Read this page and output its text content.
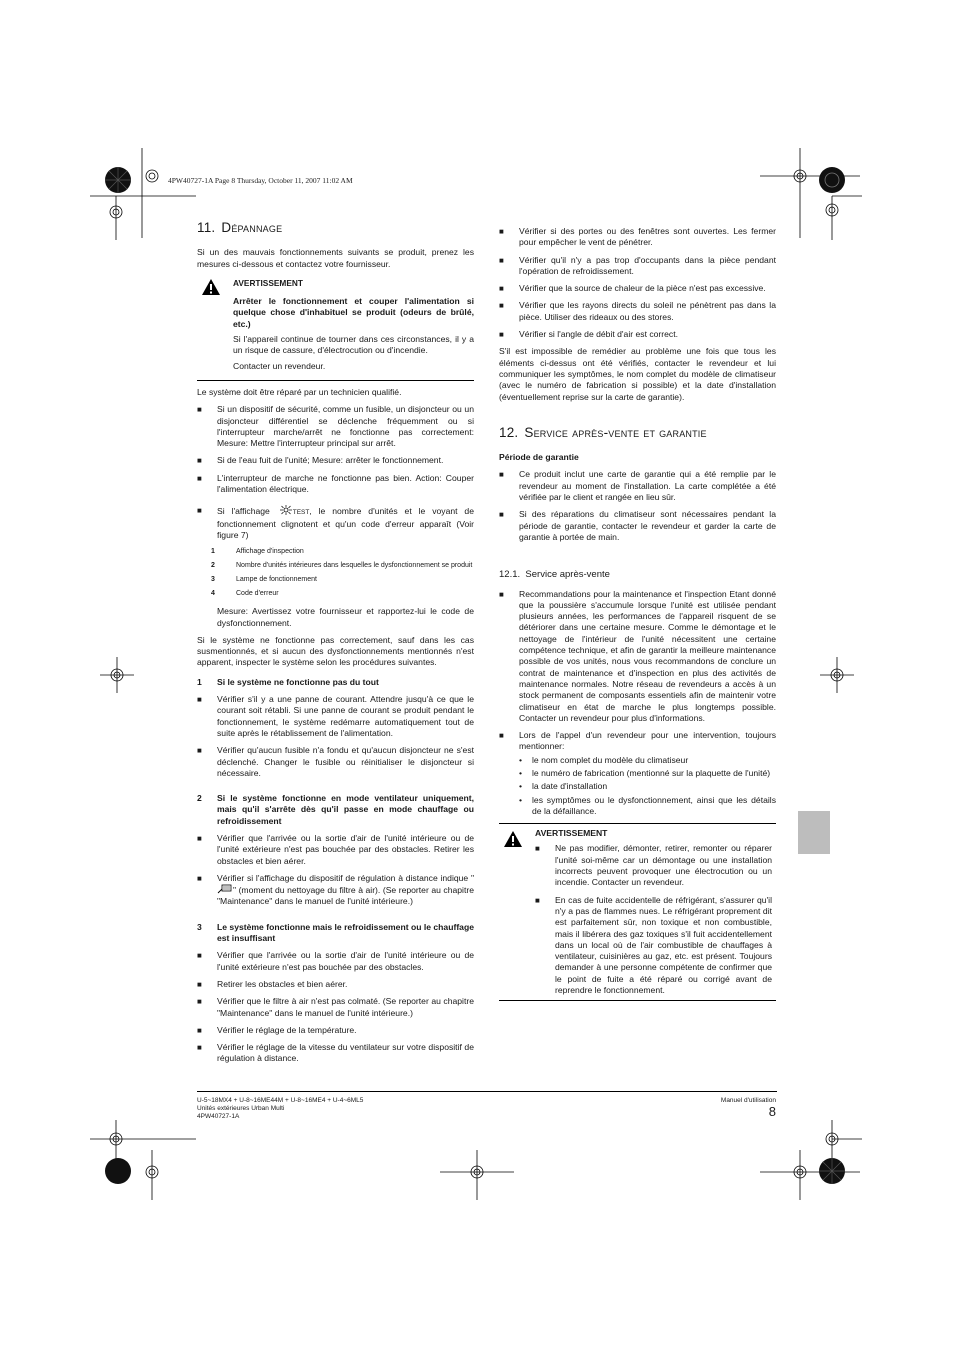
4PW40727-1A Page 8 Thursday, October 11, 2007 11:02 AM
11. Dépannage

Si un des mauvais fonctionnements suivants se produit, prenez les mesures ci-dessous et contactez votre fournisseur.

AVERTISSEMENT
Arrêter le fonctionnement et couper l'alimentation si quelque chose d'inhabituel se produit (odeurs de brûlé, etc.)
Si l'appareil continue de tourner dans ces circonstances, il y a un risque de cassure, d'électrocution ou d'incendie.
Contacter un revendeur.

Le système doit être réparé par un technicien qualifié.

■	Si un dispositif de sécurité, comme un fusible, un disjoncteur ou un disjoncteur différentiel se déclenche fréquemment ou si l'interrupteur marche/arrêt ne fonctionne pas correctement: Mesure: Mettre l'interrupteur principal sur arrêt.
■	Si de l'eau fuit de l'unité; Mesure: arrêter le fonctionnement.
■	L'interrupteur de marche ne fonctionne pas bien. Action: Couper l'alimentation électrique.
■	Si l'affichage	TEST, le nombre d'unités et le voyant de fonctionnement clignotent et qu'un code d'erreur apparaît (Voir figure 7)
1	Affichage d'inspection
2	Nombre d'unités intérieures dans lesquelles le dysfonctionnement se produit
3	Lampe de fonctionnement
4	Code d'erreur

Mesure: Avertissez votre fournisseur et rapportez-lui le code de dysfonctionnement.

Si le système ne fonctionne pas correctement, sauf dans les cas susmentionnés, et si aucun des dysfonctionnements mentionnés n'est apparent, inspecter le système selon les procédures suivantes.

1	Si le système ne fonctionne pas du tout
■	Vérifier s'il y a une panne de courant. Attendre jusqu'à ce que le courant soit rétabli. Si une panne de courant se produit pendant le fonctionnement, le système redémarre automatiquement tout de suite après le rétablissement de l'alimentation.
■	Vérifier qu'aucun fusible n'a fondu et qu'aucun disjoncteur ne s'est déclenché. Changer le fusible ou réinitialiser le disjoncteur si nécessaire.
2	Si le système fonctionne en mode ventilateur uniquement, mais qu'il s'arrête dès qu'il passe en mode chauffage ou refroidissement
■	Vérifier que l'arrivée ou la sortie d'air de l'unité intérieure ou de l'unité extérieure n'est pas bouchée par des obstacles. Retirer les obstacles et bien aérer.
■	Vérifier si l'affichage du dispositif de régulation à distance indique "" (moment du nettoyage du filtre à air). (Se reporter au chapitre "Maintenance" dans le manuel de l'unité intérieure.)
3	Le système fonctionne mais le refroidissement ou le chauffage est insuffisant
■	Vérifier que l'arrivée ou la sortie d'air de l'unité intérieure ou de l'unité extérieure n'est pas bouchée par des obstacles.
■	Retirer les obstacles et bien aérer.
■	Vérifier que le filtre à air n'est pas colmaté. (Se reporter au chapitre "Maintenance" dans le manuel de l'unité intérieure.)
■	Vérifier le réglage de la température.
■	Vérifier le réglage de la vitesse du ventilateur sur votre dispositif de régulation à distance.
■	Vérifier si des portes ou des fenêtres sont ouvertes. Les fermer pour empêcher le vent de pénétrer.
■	Vérifier qu'il n'y a pas trop d'occupants dans la pièce pendant l'opération de refroidissement.
■	Vérifier que la source de chaleur de la pièce n'est pas excessive.
■	Vérifier que les rayons directs du soleil ne pénètrent pas dans la pièce. Utiliser des rideaux ou des stores.
■	Vérifier si l'angle de débit d'air est correct.

S'il est impossible de remédier au problème une fois que tous les éléments ci-dessus ont été vérifiés, contacter le revendeur et lui communiquer les symptômes, le nom complet du modèle de climatiseur (avec le numéro de fabrication si possible) et la date d'installation (éventuellement reprise sur la carte de garantie).

12. Service après-vente et garantie

Période de garantie

■	Ce produit inclut une carte de garantie qui a été remplie par le revendeur au moment de l'installation. La carte complétée a été vérifiée par le client et rangée en lieu sûr.
■	Si des réparations du climatiseur sont nécessaires pendant la période de garantie, contacter le revendeur et garder la carte de garantie à portée de main.
12.1. Service après-vente
■	Recommandations pour la maintenance et l'inspection Etant donné que la poussière s'accumule lorsque l'unité est utilisée pendant plusieurs années, les performances de l'appareil risquent de se détériorer dans une certaine mesure. Comme le démontage et le nettoyage de l'intérieur de l'unité nécessitent une certaine compétence technique, et afin de garantir la meilleure maintenance possible de vos unités, nous vous recommandons de conclure un contrat de maintenance et d'inspection en plus des activités de maintenance normales. Notre réseau de revendeurs a accès à un stock permanent de composants essentiels afin de maintenir votre climatiseur en état de marche le plus longtemps possible. Contacter un revendeur pour plus d'informations.
■	Lors de l'appel d'un revendeur pour une intervention, toujours mentionner:
•	le nom complet du modèle du climatiseur
•	le numéro de fabrication (mentionné sur la plaquette de l'unité)
•	la date d'installation
•	les symptômes ou le dysfonctionnement, ainsi que les détails de la défaillance.
AVERTISSEMENT
■	Ne pas modifier, démonter, retirer, remonter ou réparer l'unité soi-même car un démontage ou une installation incorrects peuvent provoquer une électrocution ou un incendie. Contacter un revendeur.
■	En cas de fuite accidentelle de réfrigérant, s'assurer qu'il n'y a pas de flammes nues. Le réfrigérant proprement dit est parfaitement sûr, non toxique et non combustible, mais il libérera des gaz toxiques s'il fuit accidentellement dans un local où de l'air combustible de chauffages à ventilateur, cuisinières au gaz, etc. est présent. Toujours demander à une personne compétente de confirmer que le point de fuite a été réparé ou corrigé avant de reprendre le fonctionnement.
U-5~18MX4 + U-8~16ME44M + U-8~16ME4 + U-4~6ML5
Unités extérieures Urban Multi
4PW40727-1A
Manuel d'utilisation
8
